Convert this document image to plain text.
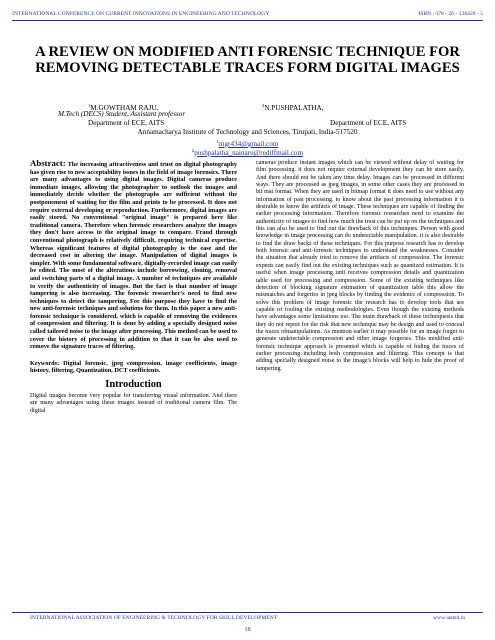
INTERNATIONAL CONFERENCE ON CURRENT INNOVATIONS IN ENGINEERING AND TECHNOLOGY	ISBN : 378 - 26 - 138420 - 5
A REVIEW ON MODIFIED ANTI FORENSIC TECHNIQUE FOR REMOVING DETECTABLE TRACES FORM DIGITAL IMAGES
$^1$M.GOWTHAM RAJU,	$^2$N.PUSHPALATHA,
M.Tech (DECS) Student, Assistant professor
Department of ECE, AITS	Department of ECE, AITS
Annamacharya Institute of Technology and Sciences, Tirupati, India-517520
$^1$mgr434@gmail.com
$^2$pushpalatha_nainaru@rediffmail.com

Abstract: The increasing attractiveness and trust on digital photography has given rise to new acceptability issues in the field of image forensics. There are many advantages to using digital images. Digital cameras produce immediate images, allowing the photographer to outlook the images and immediately decide whether the photographs are sufficient without the postponement of waiting for the film and prints to be processed. It does not require external developing or reproduction. Furthermore, digital images are easily stored. No conventional "original image" is prepared here like traditional camera. Therefore when forensic researchers analyze the images they don't have access to the original image to compare. Fraud through conventional photograph is relatively difficult, requiring technical expertise. Whereas significant features of digital photography is the ease and the decreased cost in altering the image. Manipulation of digital images is simpler. With some fundamental software, digitally-recorded image can easily be edited. The most of the alterations include borrowing, cloning, removal and switching parts of a digital image. A number of techniques are available to verify the authenticity of images. But the fact is that number of image tampering is also increasing. The forensic researcher's need to find new techniques to detect the tampering. For this purpose they have to find the new anti-forensic techniques and solutions for them. In this paper a new anti-forensic technique is considered, which is capable of removing the evidences of compression and filtering. It is done by adding a specially designed noise called tailored noise to the image after processing. This method can be used to cover the history of processing in addition to that it can be also used to remove the signature traces of filtering.

Keywords: Digital forensic, jpeg compression, image coefficients, image history, filtering, Quantization, DCT coefficients.

Introduction

Digital images become very popular for transferring visual information. And there are many advantages using these images instead of traditional camera film. The digital

cameras produce instant images which can be viewed without delay of waiting for film processing. it does not require external development they can be store easily. And there should not be taken any time delay. Images can be processed in different ways. They are processed as jpeg images, in some other cases they are processed in bit mat format. When they are used in bitmap format it does need to use without any information of past processing. to know about the past processing information it is desirable to know the artifacts of image. These techniques are capable of finding the earlier processing information. Therefore forensic researches need to examine the authenticity of images to find how much the trust can be put up on the techniques and this can also be used to find out the drawback of this techniques. Person with good knowledge in image processing can do undetectable manipulation. it is also desirable to find the draw backs of these techniques. For this purpose research has to develop both forensic and anti-forensic techniques to understand the weaknesses. Consider the situation that already tried to remove the artifacts of compression. The forensic experts can easily find out the existing techniques such as quantized estimation. It is useful when image processing unit receives compression details and quantization table used for processing and compression. Some of the existing techniques like detection of blocking signature estimation of quantization table this allow the mismatches and forgeries in jpeg blocks by finding the evidence of compression. To solve this problem of image forensic the research has to develop tools that are capable of fooling the existing methodologies. Even though the existing methods have advantages some limitations too. The main drawback of these techniquesis that they do not report for the risk that new technique may be design and used to conceal the traces ofmanipulations. As mention earlier it may possible for an image forger to generate undetectable compression and other image forgeries. This modified anti-forensic technique approach is presented which is capable of hiding the traces of earlier processing including both compression and filtering. This concept is that adding specially designed noise to the image's blocks will help to hide the proof of tampering.

INTERNATIONAL ASSOCIATION OF ENGINEERING & TECHNOLOGY FOR SKILL DEVELOPMENT	www.iaetsd.in
18
